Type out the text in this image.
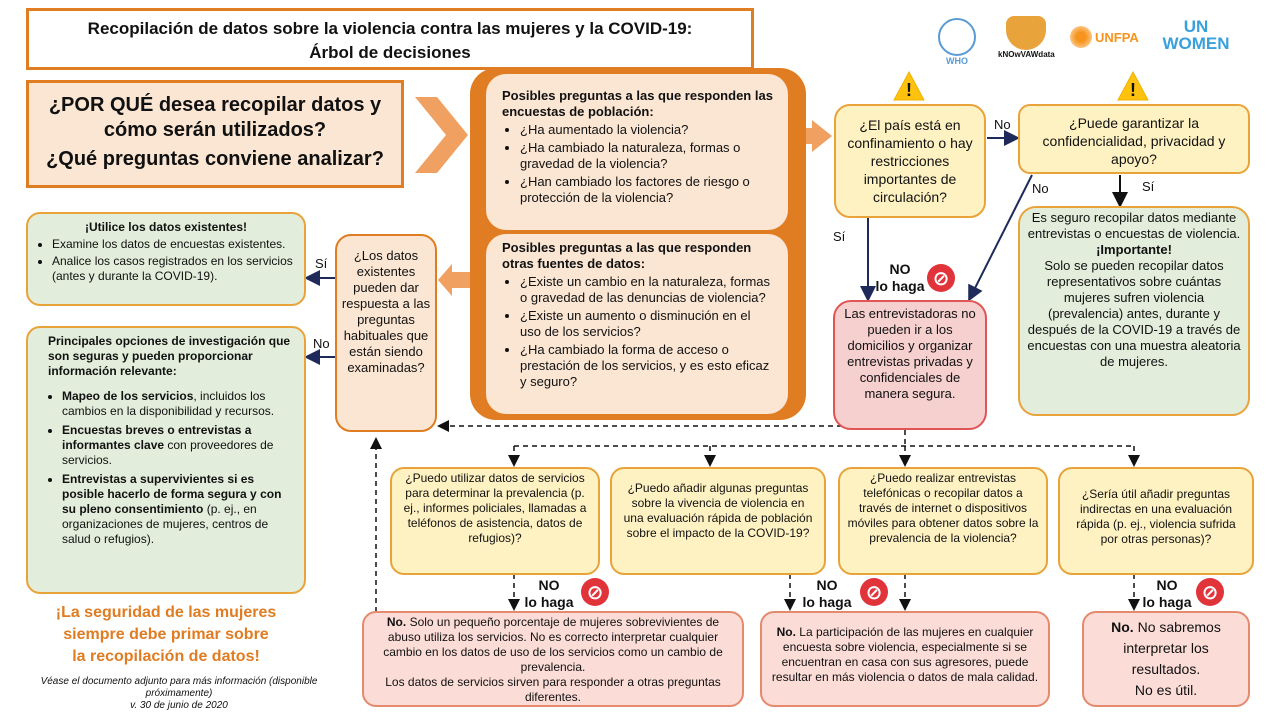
Recopilación de datos sobre la violencia contra las mujeres y la COVID-19:
Árbol de decisiones	WHO
kNOwVAWdata
UNFPA
UN WOMEN
¿POR QUÉ desea recopilar datos y
cómo serán utilizados?
¿Qué preguntas conviene analizar?
Posibles preguntas a las que responden las encuestas de población:
• ¿Ha aumentado la violencia?
• ¿Ha cambiado la naturaleza, formas o gravedad de la violencia?
• ¿Han cambiado los factores de riesgo o protección de la violencia?
Posibles preguntas a las que responden otras fuentes de datos:
• ¿Existe un cambio en la naturaleza, formas o gravedad de las denuncias de violencia?
• ¿Existe un aumento o disminución en el uso de los servicios?
• ¿Ha cambiado la forma de acceso o prestación de los servicios, y es esto eficaz y seguro?
¿Los datos existentes pueden dar respuesta a las preguntas habituales que están siendo examinadas?
¡Utilice los datos existentes!
• Examine los datos de encuestas existentes.
• Analice los casos registrados en los servicios (antes y durante la COVID-19).
Principales opciones de investigación que son seguras y pueden proporcionar información relevante:
• Mapeo de los servicios, incluidos los cambios en la disponibilidad y recursos.
• Encuestas breves o entrevistas a informantes clave con proveedores de servicios.
• Entrevistas a supervivientes si es posible hacerlo de forma segura y con su pleno consentimiento (p. ej., en organizaciones de mujeres, centros de salud o refugios).
Sí
No
¡La seguridad de las mujeres
siempre debe primar sobre
la recopilación de datos!
Véase el documento adjunto para más información (disponible
próximamente)
v. 30 de junio de 2020
!	!
¿El país está en confinamiento o hay restricciones importantes de circulación?
No
Sí
¿Puede garantizar la confidencialidad, privacidad y apoyo?
No	Sí
Es seguro recopilar datos mediante entrevistas o encuestas de violencia.
¡Importante!
Solo se pueden recopilar datos representativos sobre cuántas mujeres sufren violencia (prevalencia) antes, durante y después de la COVID-19 a través de encuestas con una muestra aleatoria de mujeres.
NO
lo haga ⊘
Las entrevistadoras no pueden ir a los domicilios y organizar entrevistas privadas y confidenciales de manera segura.
¿Puedo utilizar datos de servicios para determinar la prevalencia (p. ej., informes policiales, llamadas a teléfonos de asistencia, datos de refugios)?
¿Puedo añadir algunas preguntas sobre la vivencia de violencia en una evaluación rápida de población sobre el impacto de la COVID-19?
¿Puedo realizar entrevistas telefónicas o recopilar datos a través de internet o dispositivos móviles para obtener datos sobre la prevalencia de la violencia?
¿Sería útil añadir preguntas indirectas en una evaluación rápida (p. ej., violencia sufrida por otras personas)?
NO
lo haga ⊘	NO
lo haga ⊘	NO
lo haga ⊘
No. Solo un pequeño porcentaje de mujeres sobrevivientes de abuso utiliza los servicios. No es correcto interpretar cualquier cambio en los datos de uso de los servicios como un cambio de prevalencia.
Los datos de servicios sirven para responder a otras preguntas diferentes.
No. La participación de las mujeres en cualquier encuesta sobre violencia, especialmente si se encuentran en casa con sus agresores, puede resultar en más violencia o datos de mala calidad.
No. No sabremos interpretar los resultados.
No es útil.
